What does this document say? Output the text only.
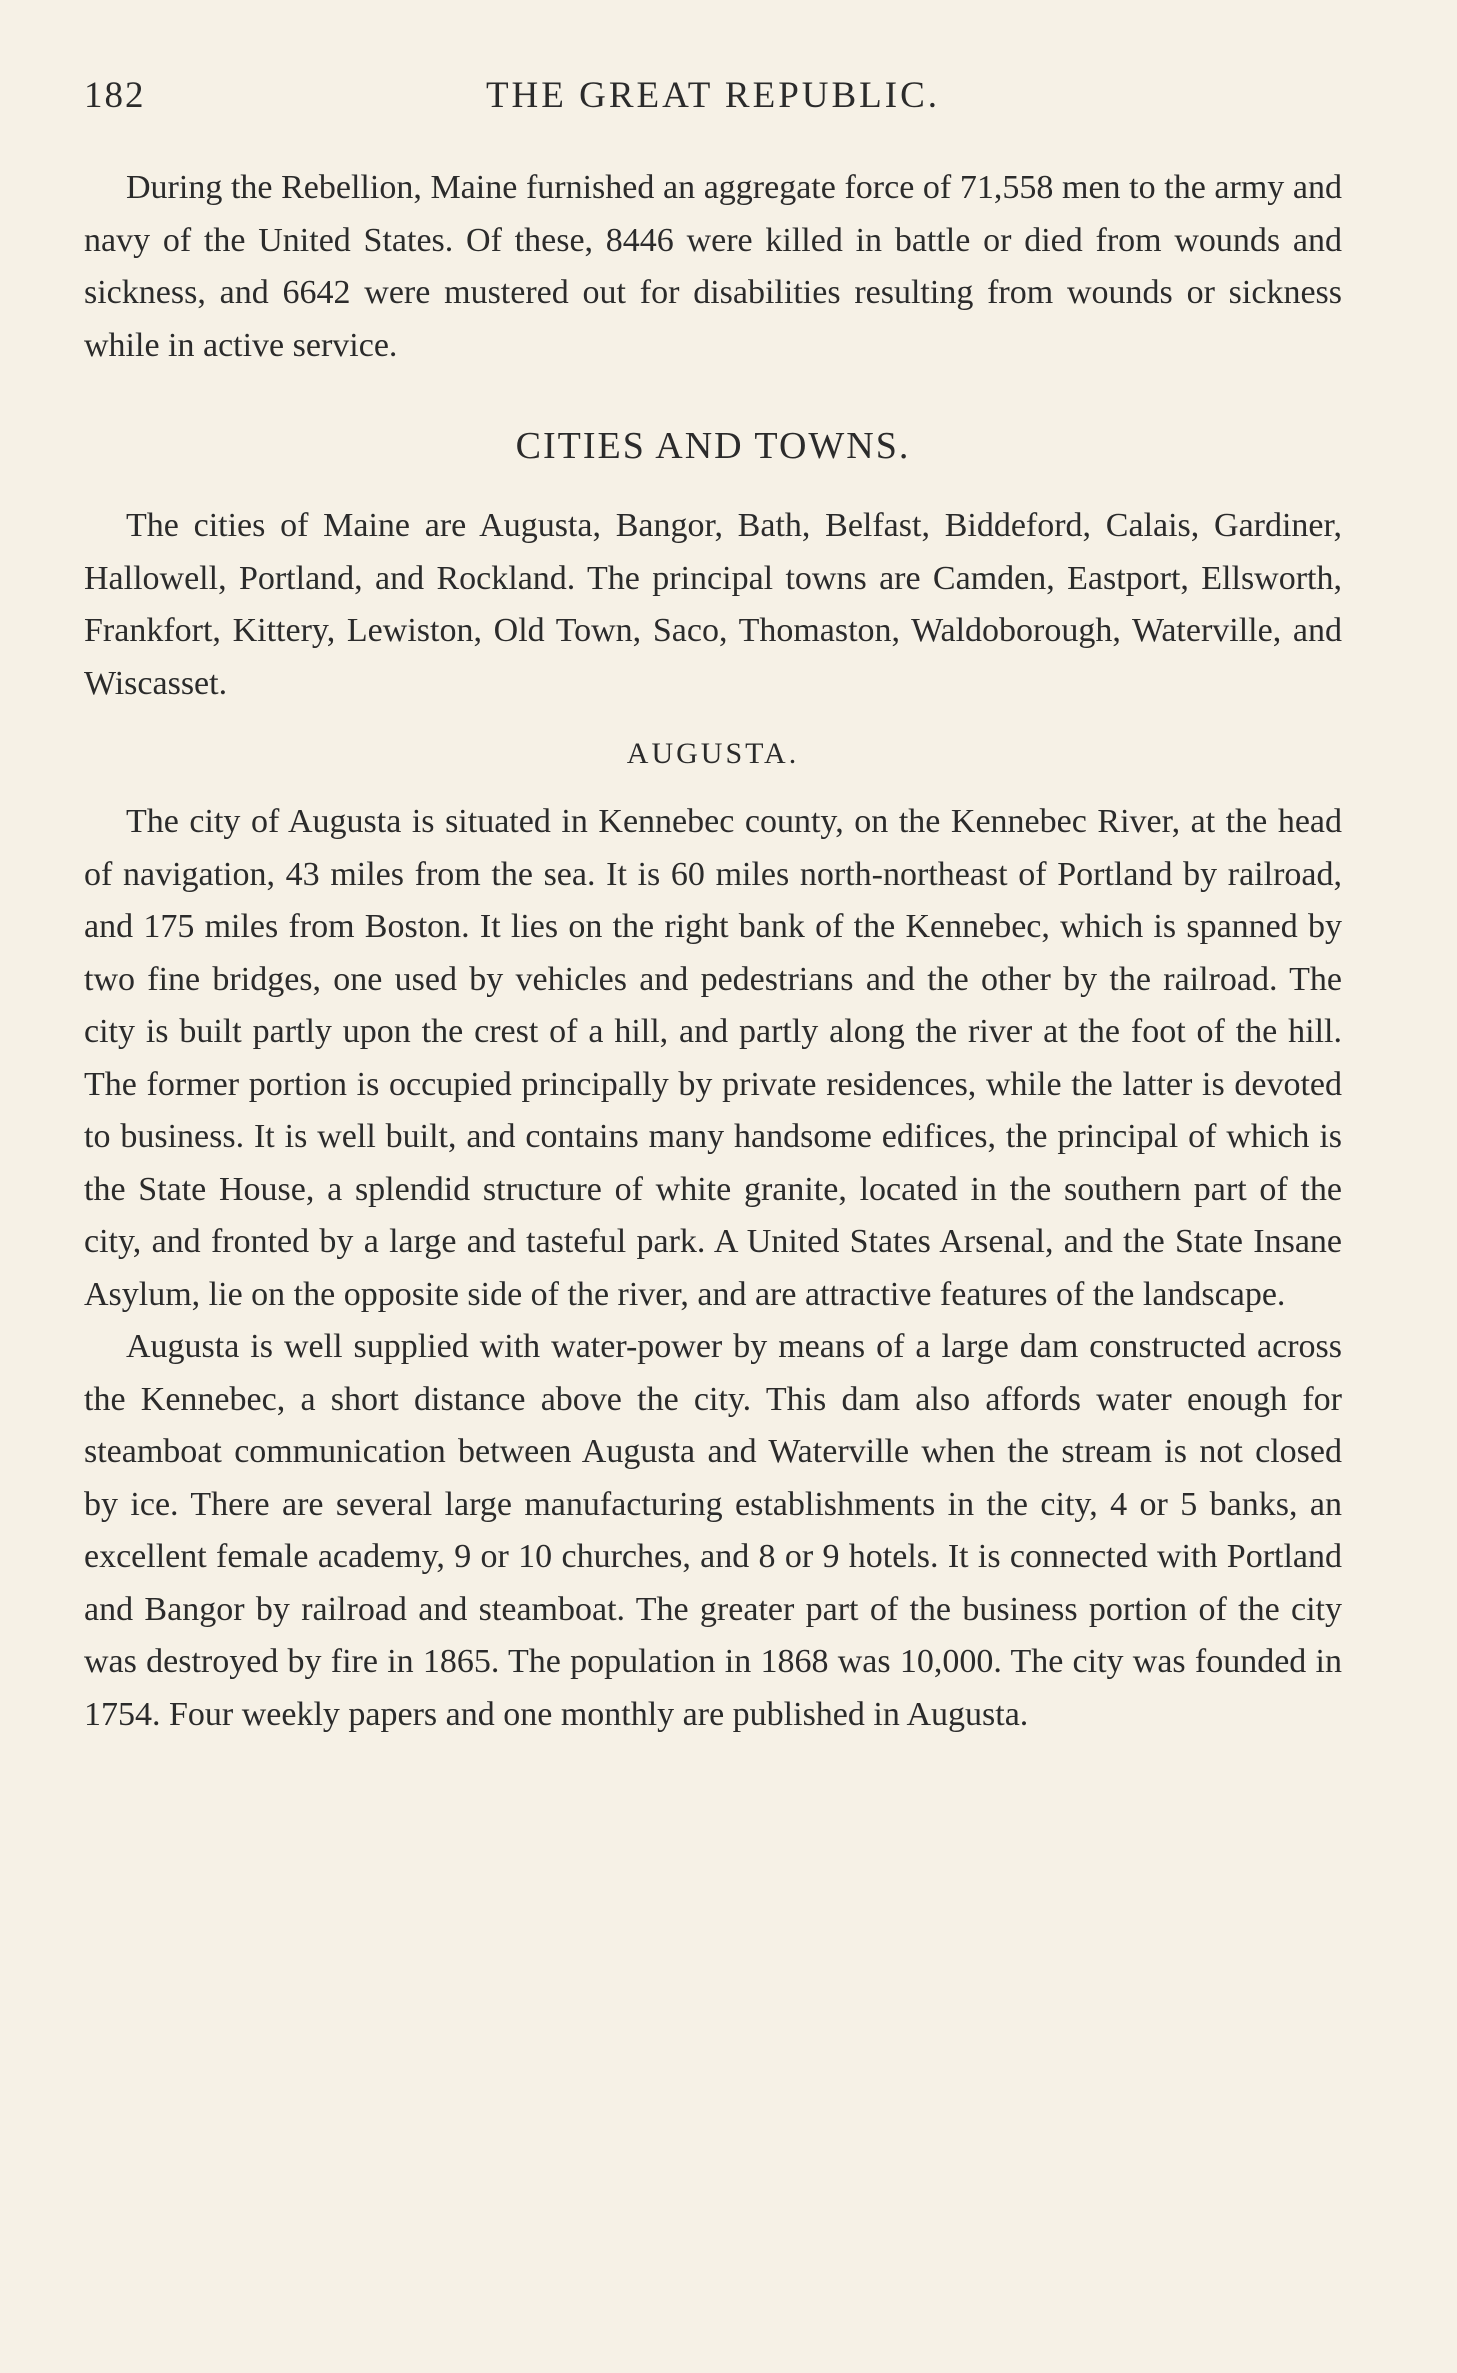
182	THE GREAT REPUBLIC.

During the Rebellion, Maine furnished an aggregate force of 71,558 men to the army and navy of the United States. Of these, 8446 were killed in battle or died from wounds and sickness, and 6642 were mustered out for disabilities resulting from wounds or sickness while in active service.

CITIES AND TOWNS.

The cities of Maine are Augusta, Bangor, Bath, Belfast, Biddeford, Calais, Gardiner, Hallowell, Portland, and Rockland. The principal towns are Camden, Eastport, Ellsworth, Frankfort, Kittery, Lewiston, Old Town, Saco, Thomaston, Waldoborough, Waterville, and Wiscasset.

AUGUSTA.

The city of Augusta is situated in Kennebec county, on the Kennebec River, at the head of navigation, 43 miles from the sea. It is 60 miles north-northeast of Portland by railroad, and 175 miles from Boston. It lies on the right bank of the Kennebec, which is spanned by two fine bridges, one used by vehicles and pedestrians and the other by the railroad. The city is built partly upon the crest of a hill, and partly along the river at the foot of the hill. The former portion is occupied principally by private residences, while the latter is devoted to business. It is well built, and contains many handsome edifices, the principal of which is the State House, a splendid structure of white granite, located in the southern part of the city, and fronted by a large and tasteful park. A United States Arsenal, and the State Insane Asylum, lie on the opposite side of the river, and are attractive features of the landscape.

Augusta is well supplied with water-power by means of a large dam constructed across the Kennebec, a short distance above the city. This dam also affords water enough for steamboat communication between Augusta and Waterville when the stream is not closed by ice. There are several large manufacturing establishments in the city, 4 or 5 banks, an excellent female academy, 9 or 10 churches, and 8 or 9 hotels. It is connected with Portland and Bangor by railroad and steamboat. The greater part of the business portion of the city was destroyed by fire in 1865. The population in 1868 was 10,000. The city was founded in 1754. Four weekly papers and one monthly are published in Augusta.
